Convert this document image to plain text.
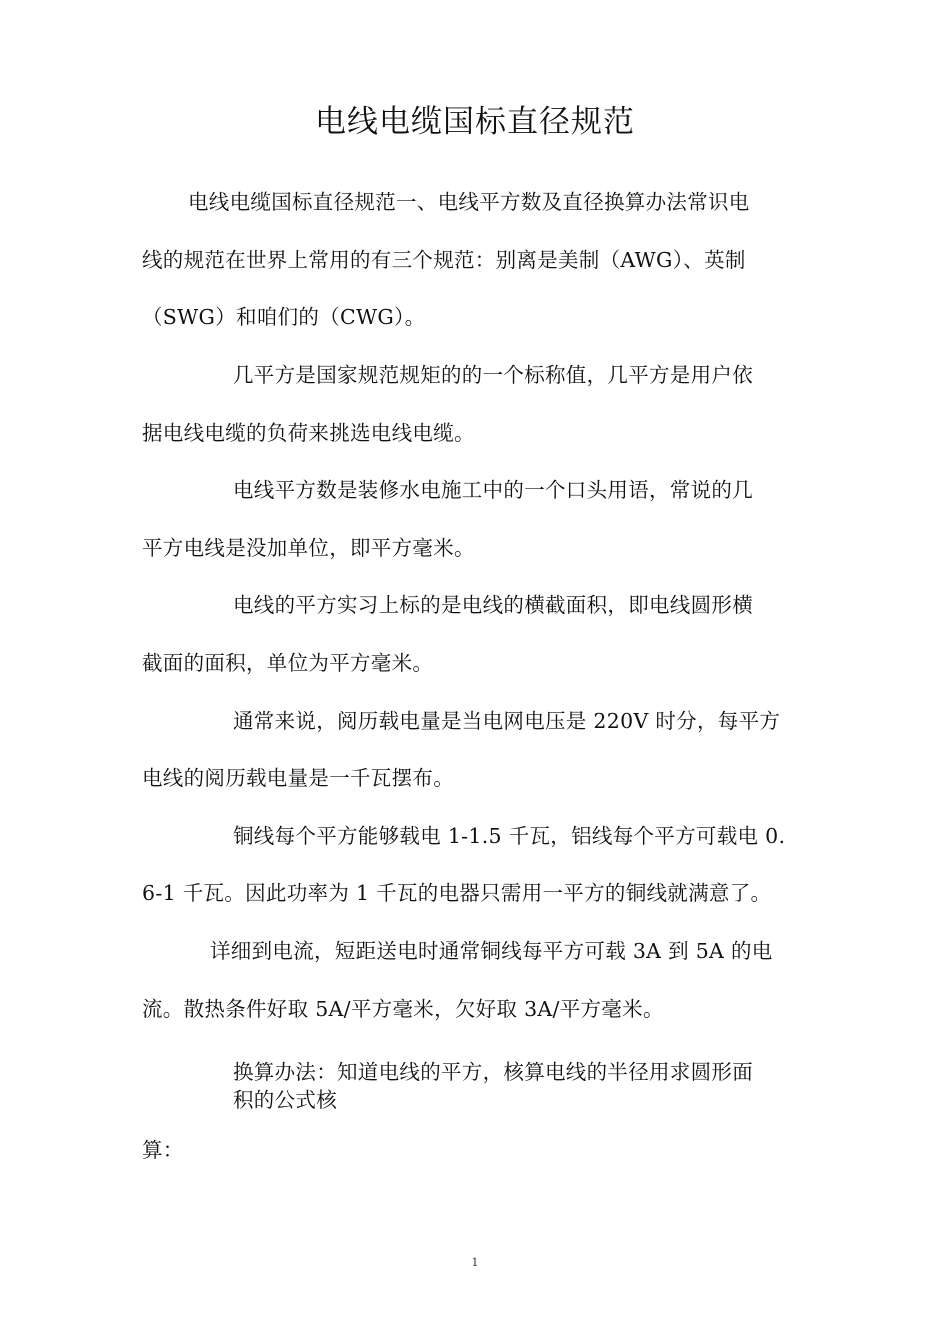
电线电缆国标直径规范
电线电缆国标直径规范一、电线平方数及直径换算办法常识电
线的规范在世界上常用的有三个规范：别离是美制（AWG）、英制
（SWG）和咱们的（CWG）。
几平方是国家规范规矩的的一个标称值，几平方是用户依
据电线电缆的负荷来挑选电线电缆。
电线平方数是装修水电施工中的一个口头用语，常说的几
平方电线是没加单位，即平方毫米。
电线的平方实习上标的是电线的横截面积，即电线圆形横
截面的面积，单位为平方毫米。
通常来说，阅历载电量是当电网电压是 220V 时分，每平方
电线的阅历载电量是一千瓦摆布。
铜线每个平方能够载电 1-1.5 千瓦，铝线每个平方可载电 0.
6-1 千瓦。因此功率为 1 千瓦的电器只需用一平方的铜线就满意了。
详细到电流，短距送电时通常铜线每平方可载 3A 到 5A 的电
流。散热条件好取 5A/平方毫米，欠好取 3A/平方毫米。
换算办法：知道电线的平方，核算电线的半径用求圆形面
积的公式核
算：
1
